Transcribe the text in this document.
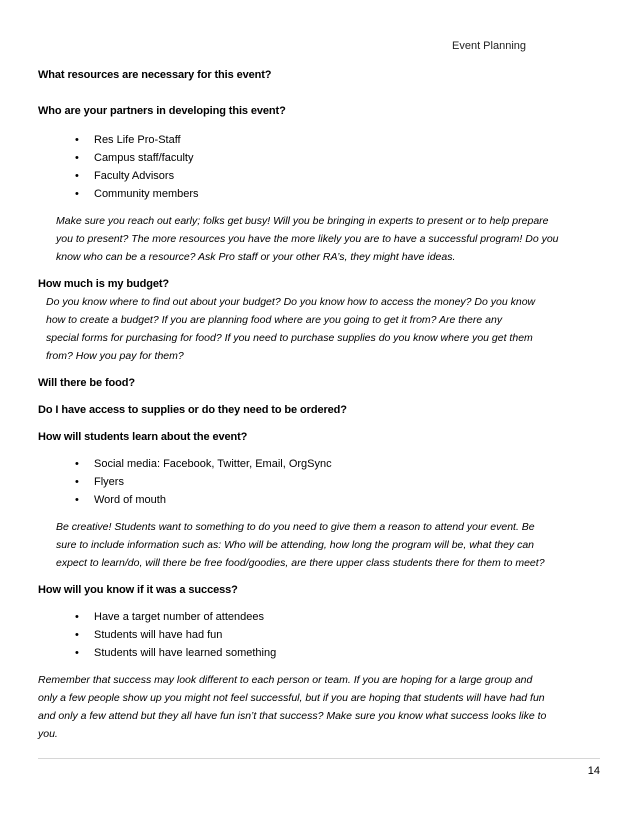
Event Planning

What resources are necessary for this event?

Who are your partners in developing this event?

• Res Life Pro-Staff
• Campus staff/faculty
• Faculty Advisors
• Community members
Make sure you reach out early; folks get busy! Will you be bringing in experts to present or to help prepare
you to present? The more resources you have the more likely you are to have a successful program! Do you
know who can be a resource? Ask Pro staff or your other RA’s, they might have ideas.

How much is my budget?

Do you know where to find out about your budget? Do you know how to access the money? Do you know
how to create a budget? If you are planning food where are you going to get it from? Are there any
special forms for purchasing for food? If you need to purchase supplies do you know where you get them
from? How you pay for them?

Will there be food?

Do I have access to supplies or do they need to be ordered?

How will students learn about the event?

• Social media: Facebook, Twitter, Email, OrgSync
• Flyers
• Word of mouth
Be creative! Students want to something to do you need to give them a reason to attend your event. Be
sure to include information such as: Who will be attending, how long the program will be, what they can
expect to learn/do, will there be free food/goodies, are there upper class students there for them to meet?

How will you know if it was a success?

• Have a target number of attendees
• Students will have had fun
• Students will have learned something
Remember that success may look different to each person or team. If you are hoping for a large group and
only a few people show up you might not feel successful, but if you are hoping that students will have had fun
and only a few attend but they all have fun isn’t that success? Make sure you know what success looks like to
you.
14
